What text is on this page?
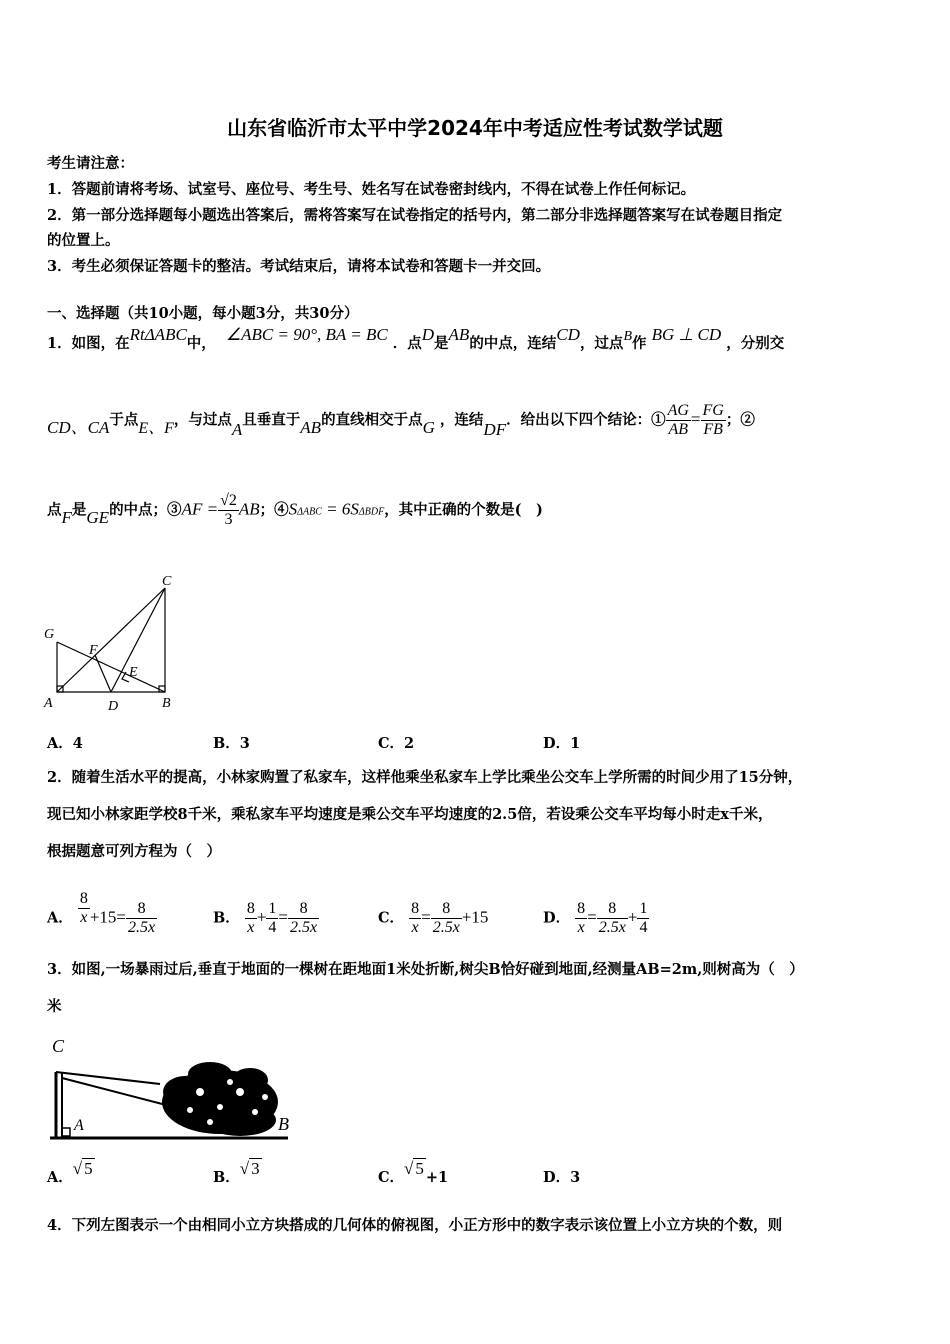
山东省临沂市太平中学2024年中考适应性考试数学试题
考生请注意：
1．答题前请将考场、试室号、座位号、考生号、姓名写在试卷密封线内，不得在试卷上作任何标记。
2．第一部分选择题每小题选出答案后，需将答案写在试卷指定的括号内，第二部分非选择题答案写在试卷题目指定
的位置上。
3．考生必须保证答题卡的整洁。考试结束后，请将本试卷和答题卡一并交回。
一、选择题（共10小题，每小题3分，共30分）
1．如图，在RtΔABC中， ∠ABC = 90°, BA = BC ．点D是AB的中点，连结CD，过点B作 BG ⊥ CD ，分别交
CD、CA于点E、F，与过点A且垂直于AB的直线相交于点G ，连结DF．给出以下四个结论：① $\frac{AG}{AB} = \frac{FG}{FB}$ ；②
点F是GE的中点；③AF = $\frac{√2}{3}$ AB；④SΔABC = 6SΔBDF，其中正确的个数是(　)
C
G
F
E
A	D	B
A．4	B．3	C．2	D．1
2．随着生活水平的提高，小林家购置了私家车，这样他乘坐私家车上学比乘坐公交车上学所需的时间少用了15分钟，
现已知小林家距学校8千米，乘私家车平均速度是乘公交车平均速度的2.5倍，若设乘公交车平均每小时走x千米，
根据题意可列方程为（　）
A． $\frac{8}{x} +15= \frac{8}{2.5x}$	B． $\frac{8}{x} + \frac{1}{4} = \frac{8}{2.5x}$	C． $\frac{8}{x} = \frac{8}{2.5x} +15$	D． $\frac{8}{x} = \frac{8}{2.5x} + \frac{1}{4}$
3．如图,一场暴雨过后,垂直于地面的一棵树在距地面1米处折断,树尖B恰好碰到地面,经测量AB=2m,则树高为（　）
米
C
A	B
A．√ 5	B．√ 3	C．√ 5 +1	D．3
4．下列左图表示一个由相同小立方块搭成的几何体的俯视图，小正方形中的数字表示该位置上小立方块的个数，则
